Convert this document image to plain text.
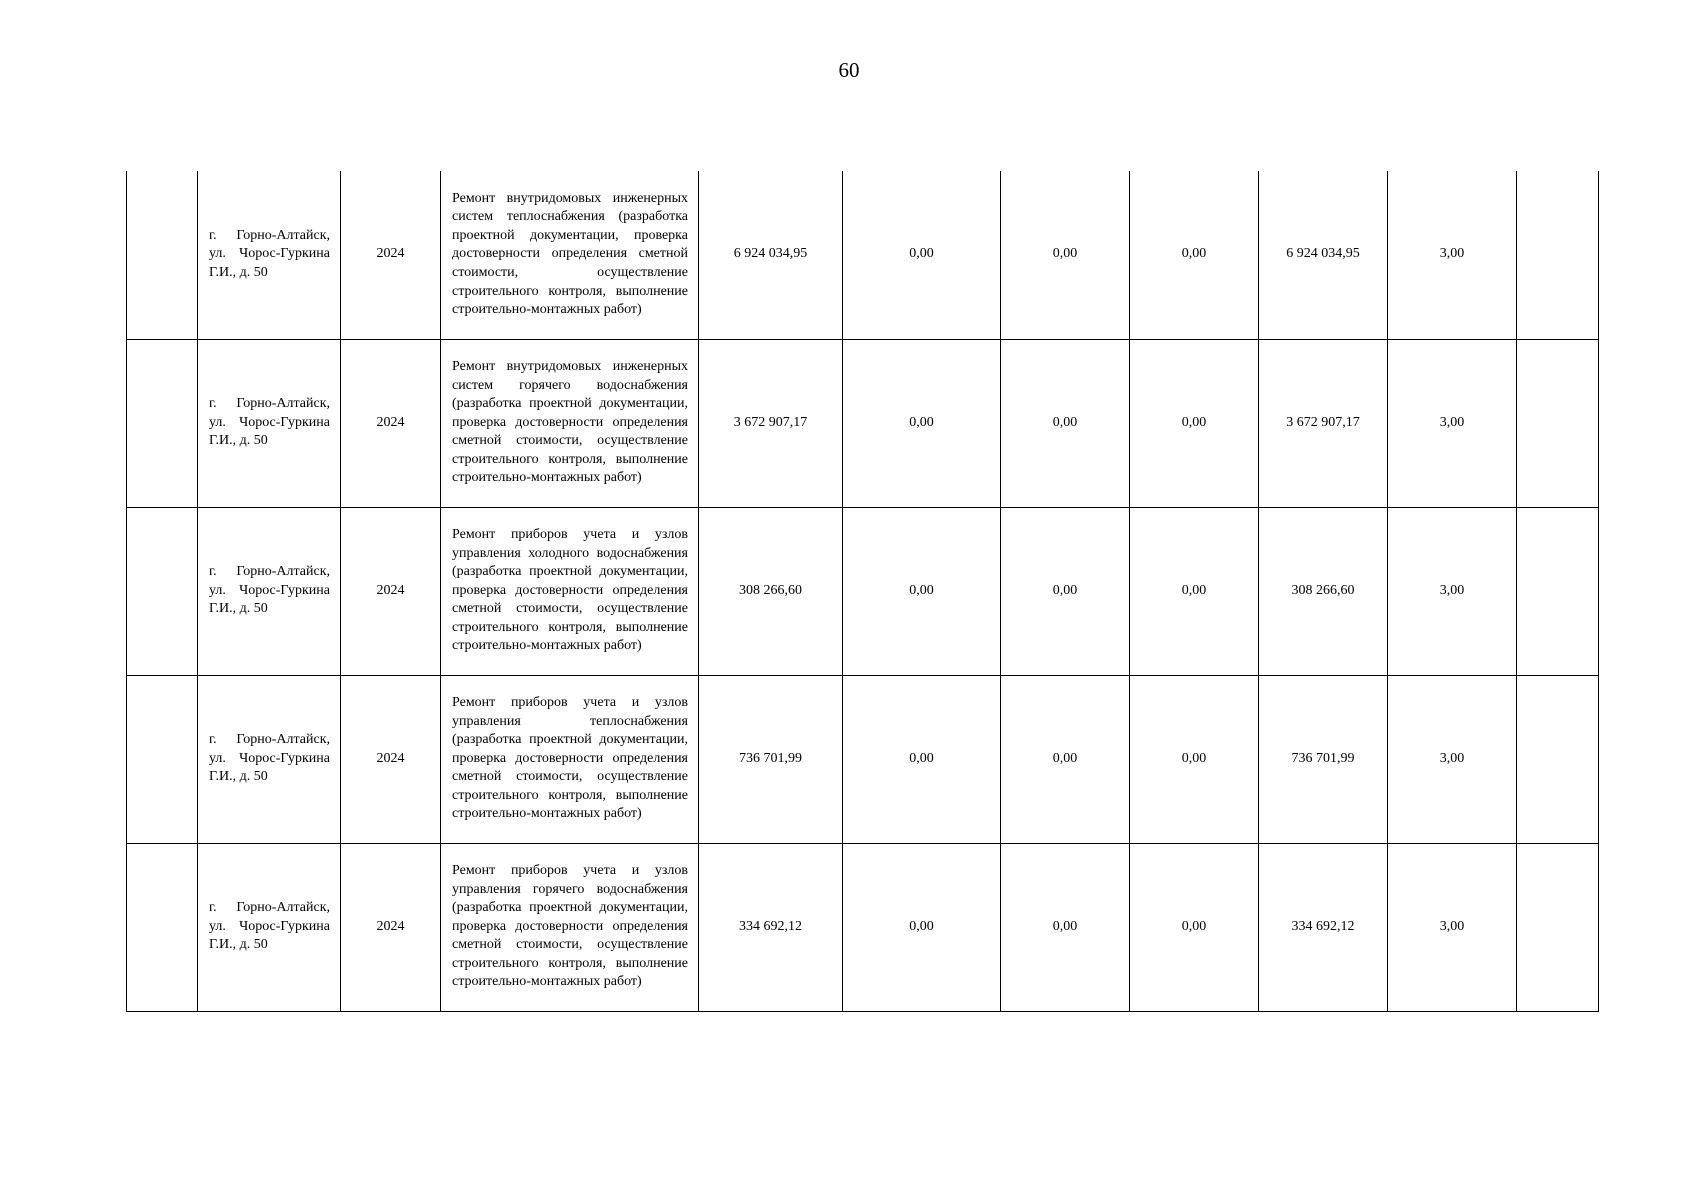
60
	г. Горно-Алтайск, ул. Чорос-Гуркина Г.И., д. 50	2024	Ремонт внутридомовых инженерных систем теплоснабжения (разработка проектной документации, проверка достоверности определения сметной стоимости, осуществление строительного контроля, выполнение строительно-монтажных работ)	6 924 034,95	0,00	0,00	0,00	6 924 034,95	3,00	
	г. Горно-Алтайск, ул. Чорос-Гуркина Г.И., д. 50	2024	Ремонт внутридомовых инженерных систем горячего водоснабжения (разработка проектной документации, проверка достоверности определения сметной стоимости, осуществление строительного контроля, выполнение строительно-монтажных работ)	3 672 907,17	0,00	0,00	0,00	3 672 907,17	3,00	
	г. Горно-Алтайск, ул. Чорос-Гуркина Г.И., д. 50	2024	Ремонт приборов учета и узлов управления холодного водоснабжения (разработка проектной документации, проверка достоверности определения сметной стоимости, осуществление строительного контроля, выполнение строительно-монтажных работ)	308 266,60	0,00	0,00	0,00	308 266,60	3,00	
	г. Горно-Алтайск, ул. Чорос-Гуркина Г.И., д. 50	2024	Ремонт приборов учета и узлов управления теплоснабжения (разработка проектной документации, проверка достоверности определения сметной стоимости, осуществление строительного контроля, выполнение строительно-монтажных работ)	736 701,99	0,00	0,00	0,00	736 701,99	3,00	
	г. Горно-Алтайск, ул. Чорос-Гуркина Г.И., д. 50	2024	Ремонт приборов учета и узлов управления горячего водоснабжения (разработка проектной документации, проверка достоверности определения сметной стоимости, осуществление строительного контроля, выполнение строительно-монтажных работ)	334 692,12	0,00	0,00	0,00	334 692,12	3,00	
